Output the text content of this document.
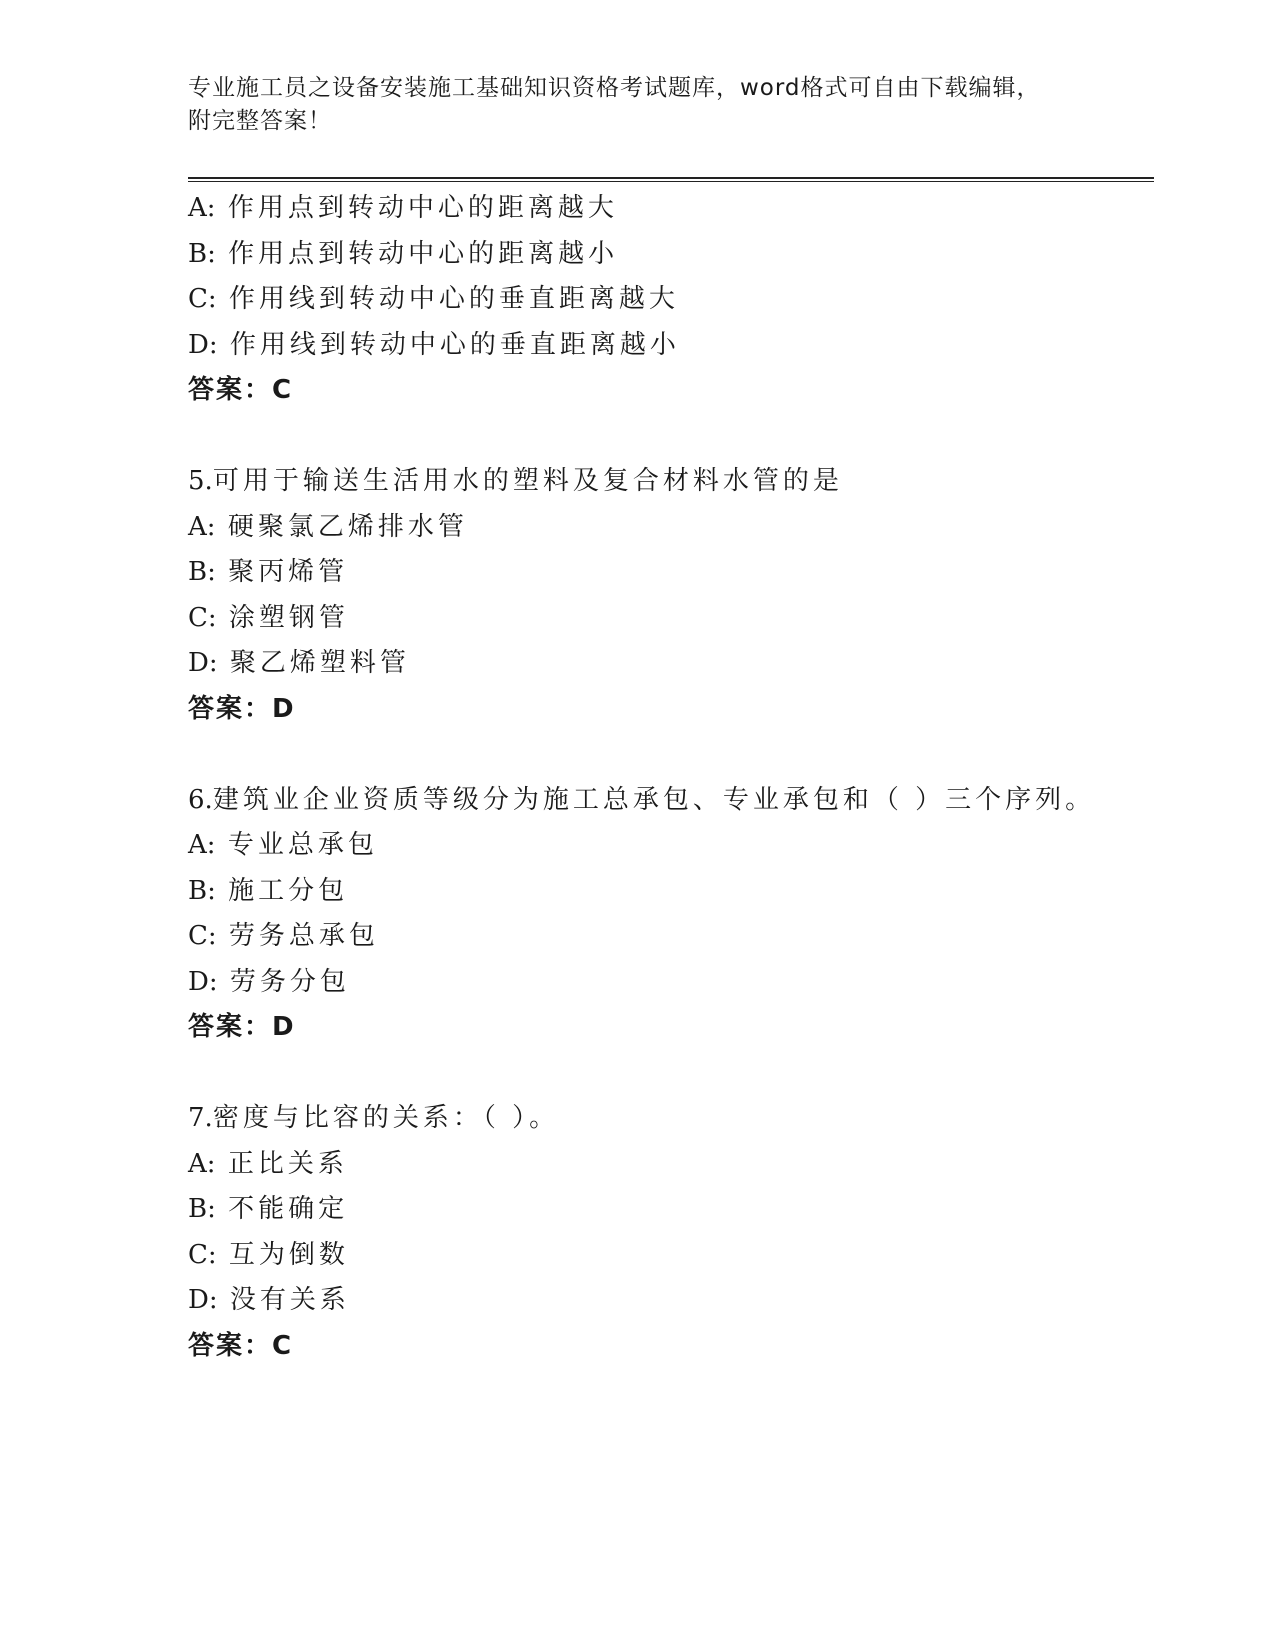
专业施工员之设备安装施工基础知识资格考试题库，word格式可自由下载编辑，
附完整答案！
A: 作用点到转动中心的距离越大
B: 作用点到转动中心的距离越小
C: 作用线到转动中心的垂直距离越大
D: 作用线到转动中心的垂直距离越小
答案：C
5.可用于输送生活用水的塑料及复合材料水管的是
A: 硬聚氯乙烯排水管
B: 聚丙烯管
C: 涂塑钢管
D: 聚乙烯塑料管
答案：D
6.建筑业企业资质等级分为施工总承包、专业承包和（ ）三个序列。
A: 专业总承包
B: 施工分包
C: 劳务总承包
D: 劳务分包
答案：D
7.密度与比容的关系：（ ）。
A: 正比关系
B: 不能确定
C: 互为倒数
D: 没有关系
答案：C
